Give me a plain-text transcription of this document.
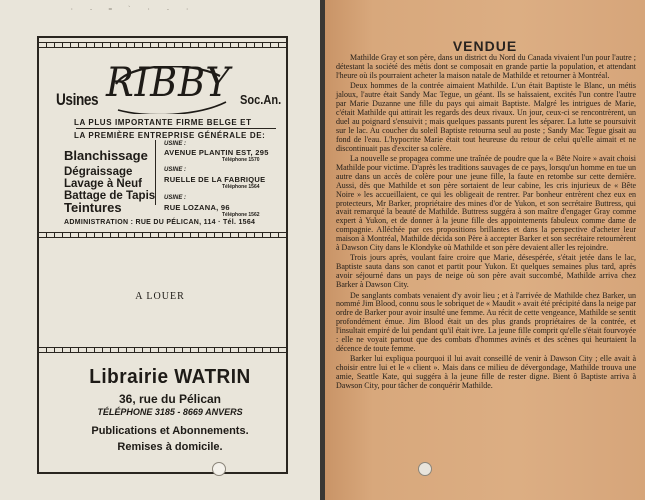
· - = ` · - ·
Usines RIBBY Soc.An.
LA PLUS IMPORTANTE FIRME BELGE ET
LA PREMIÈRE ENTREPRISE GÉNÉRALE DE:
Blanchissage
Dégraissage
Lavage à Neuf
Battage de Tapis
Teintures
USINE :
AVENUE PLANTIN EST, 295
Téléphone 1570
USINE :
RUELLE DE LA FABRIQUE
Téléphone 1564
USINE :
RUE LOZANA, 96
Téléphone 1562
ADMINISTRATION : RUE DU PÉLICAN, 114 · Tél. 1564
A LOUER
Librairie WATRIN
36, rue du Pélican
TÉLÉPHONE 3185 - 8669 ANVERS
Publications et Abonnements.
Remises à domicile.
VENDUE

Mathilde Gray et son père, dans un district du Nord du Canada vivaient l'un pour l'autre ; détestant la société des métis dont se composait en grande partie la population, et attendant l'heure où ils pourraient acheter la maison natale de Mathilde et retourner à Montréal.

Deux hommes de la contrée aimaient Mathilde. L'un était Baptiste le Blanc, un métis jaloux, l'autre était Sandy Mac Tegue, un géant. Ils se haïssaient, excités l'un contre l'autre par Marie Duzanne une fille du pays qui aimait Baptiste. Malgré les intrigues de Marie, c'était Mathilde qui attirait les regards des deux rivaux. Un jour, ceux-ci se rencontrèrent, un duel au poignard s'ensuivit ; mais quelques passants purent les séparer. La lutte se poursuivit sur le lac. Au coucher du soleil Baptiste retourna seul au poste ; Sandy Mac Tegue gisait au fond de l'eau. L'hypocrite Marie était tout heureuse du retour de celui qu'elle aimait et ne discontinuait pas d'exciter sa colère.

La nouvelle se propagea comme une traînée de poudre que la « Bête Noire » avait choisi Mathilde pour victime. D'après les traditions sauvages de ce pays, lorsqu'un homme en tue un autre dans un accès de colère pour une jeune fille, la faute en retombe sur cette dernière. Aussi, dès que Mathilde et son père sortaient de leur cabine, les cris injurieux de « Bête Noire » les accueillaient, ce qui les obligeait de rentrer. Par bonheur entrèrent chez eux en protecteurs, Mr Barker, propriétaire des mines d'or de Yukon, et son secrétaire Buttress, qui avait remarqué la beauté de Mathilde. Buttress suggéra à son maître d'engager Gray comme expert à Yukon, et de donner à la jeune fille des appointements fabuleux comme dame de compagnie. Alléchée par ces propositions brillantes et dans la perspective d'acheter leur maison à Montréal, Mathilde décida son Père à accepter Barker et son secrétaire retournèrent à Dawson City dans le Klondyke où Mathilde et son père devaient aller les rejoindre.

Trois jours après, voulant faire croire que Marie, désespérée, s'était jetée dans le lac, Baptiste sauta dans son canot et partit pour Yukon. Et quelques semaines plus tard, après avoir séjourné dans un pays de neige où son père avait succombé, Mathilde arriva chez Barker à Dawson City.

De sanglants combats venaient d'y avoir lieu ; et à l'arrivée de Mathilde chez Barker, un nommé Jim Blood, connu sous le sobriquet de « Maudit » avait été précipité dans la neige par ordre de Barker pour avoir insulté une femme. Au récit de cette vengeance, Mathilde se sentit profondément émue. Jim Blood était un des plus grands propriétaires de la contrée, et l'insultait empiré de lui pendant qu'il était ivre. La jeune fille comprit qu'elle s'était fourvoyée : elle ne voyait partout que des combats d'hommes avinés et des scènes qui heurtaient la décence de toute femme.

Barker lui expliqua pourquoi il lui avait conseillé de venir à Dawson City ; elle avait à choisir entre lui et le « client ». Mais dans ce milieu de dévergondage, Mathilde trouva une amie, Seattle Kate, qui suggéra à la jeune fille de rester digne. Bient ô Baptiste arriva à Dawson City, pour tâcher de conquérir Mathilde.
